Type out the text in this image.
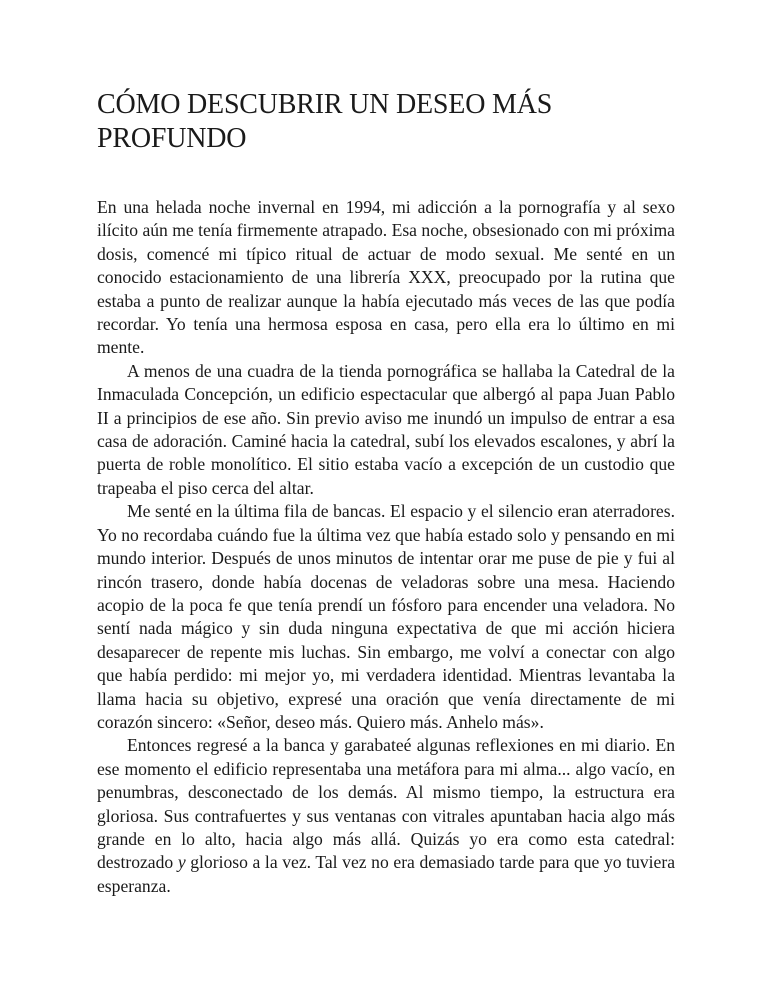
CÓMO DESCUBRIR UN DESEO MÁS PROFUNDO

En una helada noche invernal en 1994, mi adicción a la pornografía y al sexo ilícito aún me tenía firmemente atrapado. Esa noche, obsesionado con mi próxima dosis, comencé mi típico ritual de actuar de modo sexual. Me senté en un conocido estacionamiento de una librería XXX, preocupado por la rutina que estaba a punto de realizar aunque la había ejecutado más veces de las que podía recordar. Yo tenía una hermosa esposa en casa, pero ella era lo último en mi mente.

A menos de una cuadra de la tienda pornográfica se hallaba la Catedral de la Inmaculada Concepción, un edificio espectacular que albergó al papa Juan Pablo II a principios de ese año. Sin previo aviso me inundó un impulso de entrar a esa casa de adoración. Caminé hacia la catedral, subí los elevados escalones, y abrí la puerta de roble monolítico. El sitio estaba vacío a excepción de un custodio que trapeaba el piso cerca del altar.

Me senté en la última fila de bancas. El espacio y el silencio eran aterradores. Yo no recordaba cuándo fue la última vez que había estado solo y pensando en mi mundo interior. Después de unos minutos de intentar orar me puse de pie y fui al rincón trasero, donde había docenas de veladoras sobre una mesa. Haciendo acopio de la poca fe que tenía prendí un fósforo para encender una veladora. No sentí nada mágico y sin duda ninguna expectativa de que mi acción hiciera desaparecer de repente mis luchas. Sin embargo, me volví a conectar con algo que había perdido: mi mejor yo, mi verdadera identidad. Mientras levantaba la llama hacia su objetivo, expresé una oración que venía directamente de mi corazón sincero: «Señor, deseo más. Quiero más. Anhelo más».

Entonces regresé a la banca y garabateé algunas reflexiones en mi diario. En ese momento el edificio representaba una metáfora para mi alma... algo vacío, en penumbras, desconectado de los demás. Al mismo tiempo, la estructura era gloriosa. Sus contrafuertes y sus ventanas con vitrales apuntaban hacia algo más grande en lo alto, hacia algo más allá. Quizás yo era como esta catedral: destrozado y glorioso a la vez. Tal vez no era demasiado tarde para que yo tuviera esperanza.
